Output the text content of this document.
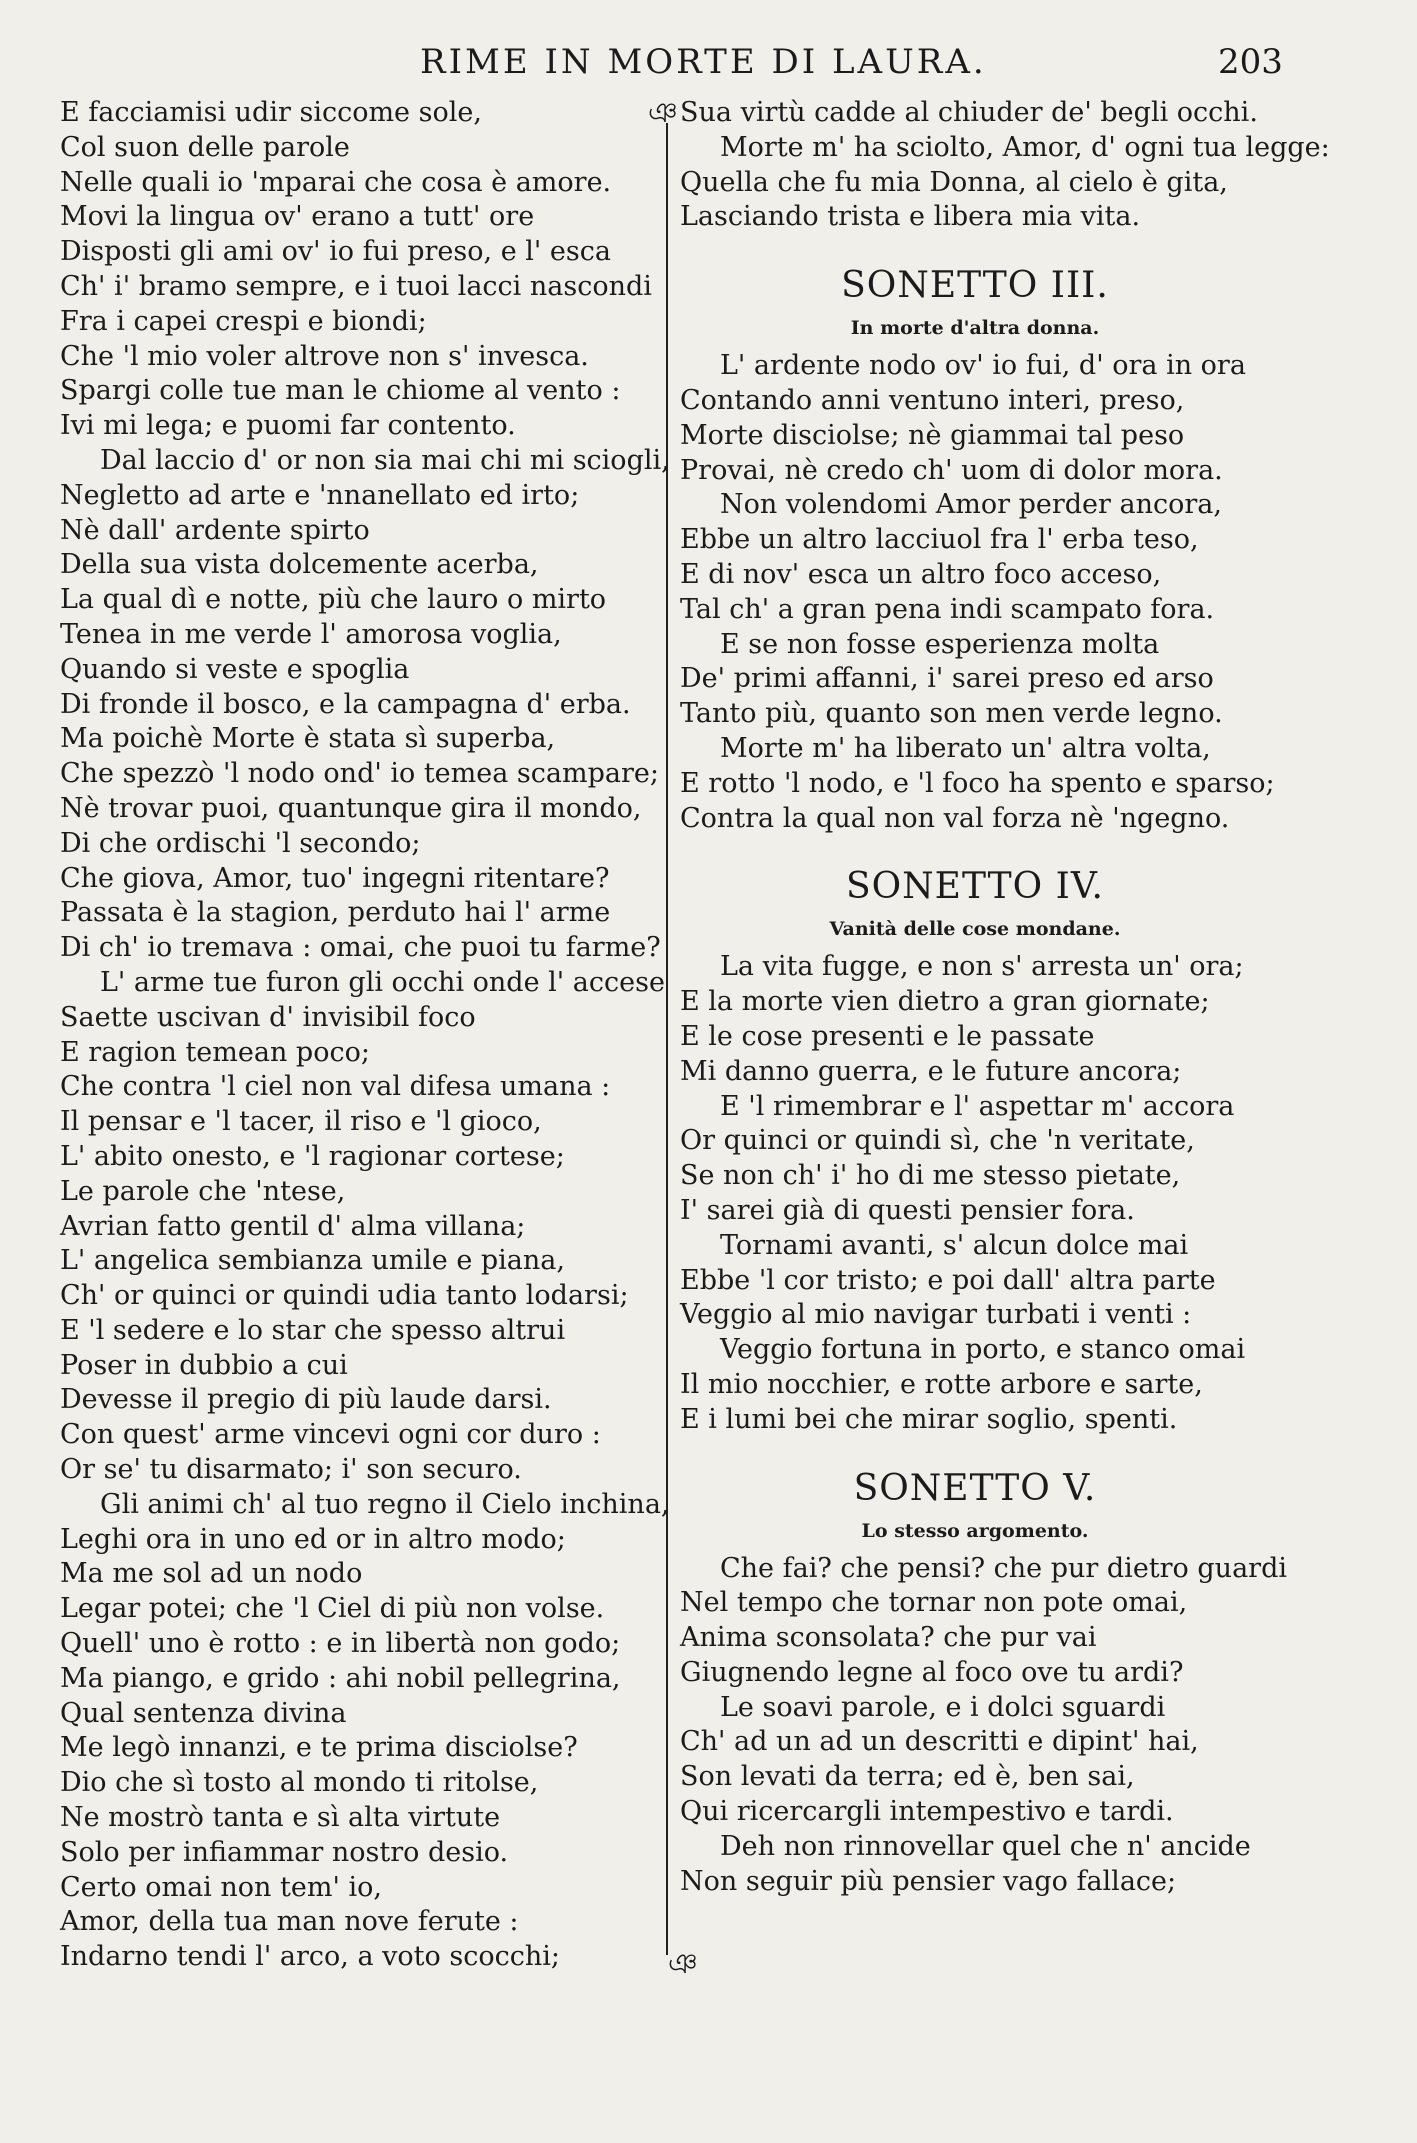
RIME IN MORTE DI LAURA.	203
ঞ
ঞ
E facciamisi udir siccome sole,
Col suon delle parole
Nelle quali io 'mparai che cosa è amore.
Movi la lingua ov' erano a tutt' ore
Disposti gli ami ov' io fui preso, e l' esca
Ch' i' bramo sempre, e i tuoi lacci nascondi
Fra i capei crespi e biondi;
Che 'l mio voler altrove non s' invesca.
Spargi colle tue man le chiome al vento :
Ivi mi lega; e puomi far contento.
Dal laccio d' or non sia mai chi mi sciogli,
Negletto ad arte e 'nnanellato ed irto;
Nè dall' ardente spirto
Della sua vista dolcemente acerba,
La qual dì e notte, più che lauro o mirto
Tenea in me verde l' amorosa voglia,
Quando si veste e spoglia
Di fronde il bosco, e la campagna d' erba.
Ma poichè Morte è stata sì superba,
Che spezzò 'l nodo ond' io temea scampare;
Nè trovar puoi, quantunque gira il mondo,
Di che ordischi 'l secondo;
Che giova, Amor, tuo' ingegni ritentare?
Passata è la stagion, perduto hai l' arme
Di ch' io tremava : omai, che puoi tu farme?
L' arme tue furon gli occhi onde l' accese
Saette uscivan d' invisibil foco
E ragion temean poco;
Che contra 'l ciel non val difesa umana :
Il pensar e 'l tacer, il riso e 'l gioco,
L' abito onesto, e 'l ragionar cortese;
Le parole che 'ntese,
Avrian fatto gentil d' alma villana;
L' angelica sembianza umile e piana,
Ch' or quinci or quindi udia tanto lodarsi;
E 'l sedere e lo star che spesso altrui
Poser in dubbio a cui
Devesse il pregio di più laude darsi.
Con quest' arme vincevi ogni cor duro :
Or se' tu disarmato; i' son securo.
Gli animi ch' al tuo regno il Cielo inchina,
Leghi ora in uno ed or in altro modo;
Ma me sol ad un nodo
Legar potei; che 'l Ciel di più non volse.
Quell' uno è rotto : e in libertà non godo;
Ma piango, e grido : ahi nobil pellegrina,
Qual sentenza divina
Me legò innanzi, e te prima disciolse?
Dio che sì tosto al mondo ti ritolse,
Ne mostrò tanta e sì alta virtute
Solo per infiammar nostro desio.
Certo omai non tem' io,
Amor, della tua man nove ferute :
Indarno tendi l' arco, a voto scocchi;
Sua virtù cadde al chiuder de' begli occhi.
Morte m' ha sciolto, Amor, d' ogni tua legge:
Quella che fu mia Donna, al cielo è gita,
Lasciando trista e libera mia vita.
SONETTO III.
In morte d'altra donna.
L' ardente nodo ov' io fui, d' ora in ora
Contando anni ventuno interi, preso,
Morte disciolse; nè giammai tal peso
Provai, nè credo ch' uom di dolor mora.
Non volendomi Amor perder ancora,
Ebbe un altro lacciuol fra l' erba teso,
E di nov' esca un altro foco acceso,
Tal ch' a gran pena indi scampato fora.
E se non fosse esperienza molta
De' primi affanni, i' sarei preso ed arso
Tanto più, quanto son men verde legno.
Morte m' ha liberato un' altra volta,
E rotto 'l nodo, e 'l foco ha spento e sparso;
Contra la qual non val forza nè 'ngegno.
SONETTO IV.
Vanità delle cose mondane.
La vita fugge, e non s' arresta un' ora;
E la morte vien dietro a gran giornate;
E le cose presenti e le passate
Mi danno guerra, e le future ancora;
E 'l rimembrar e l' aspettar m' accora
Or quinci or quindi sì, che 'n veritate,
Se non ch' i' ho di me stesso pietate,
I' sarei già di questi pensier fora.
Tornami avanti, s' alcun dolce mai
Ebbe 'l cor tristo; e poi dall' altra parte
Veggio al mio navigar turbati i venti :
Veggio fortuna in porto, e stanco omai
Il mio nocchier, e rotte arbore e sarte,
E i lumi bei che mirar soglio, spenti.
SONETTO V.
Lo stesso argomento.
Che fai? che pensi? che pur dietro guardi
Nel tempo che tornar non pote omai,
Anima sconsolata? che pur vai
Giugnendo legne al foco ove tu ardi?
Le soavi parole, e i dolci sguardi
Ch' ad un ad un descritti e dipint' hai,
Son levati da terra; ed è, ben sai,
Qui ricercargli intempestivo e tardi.
Deh non rinnovellar quel che n' ancide
Non seguir più pensier vago fallace;
